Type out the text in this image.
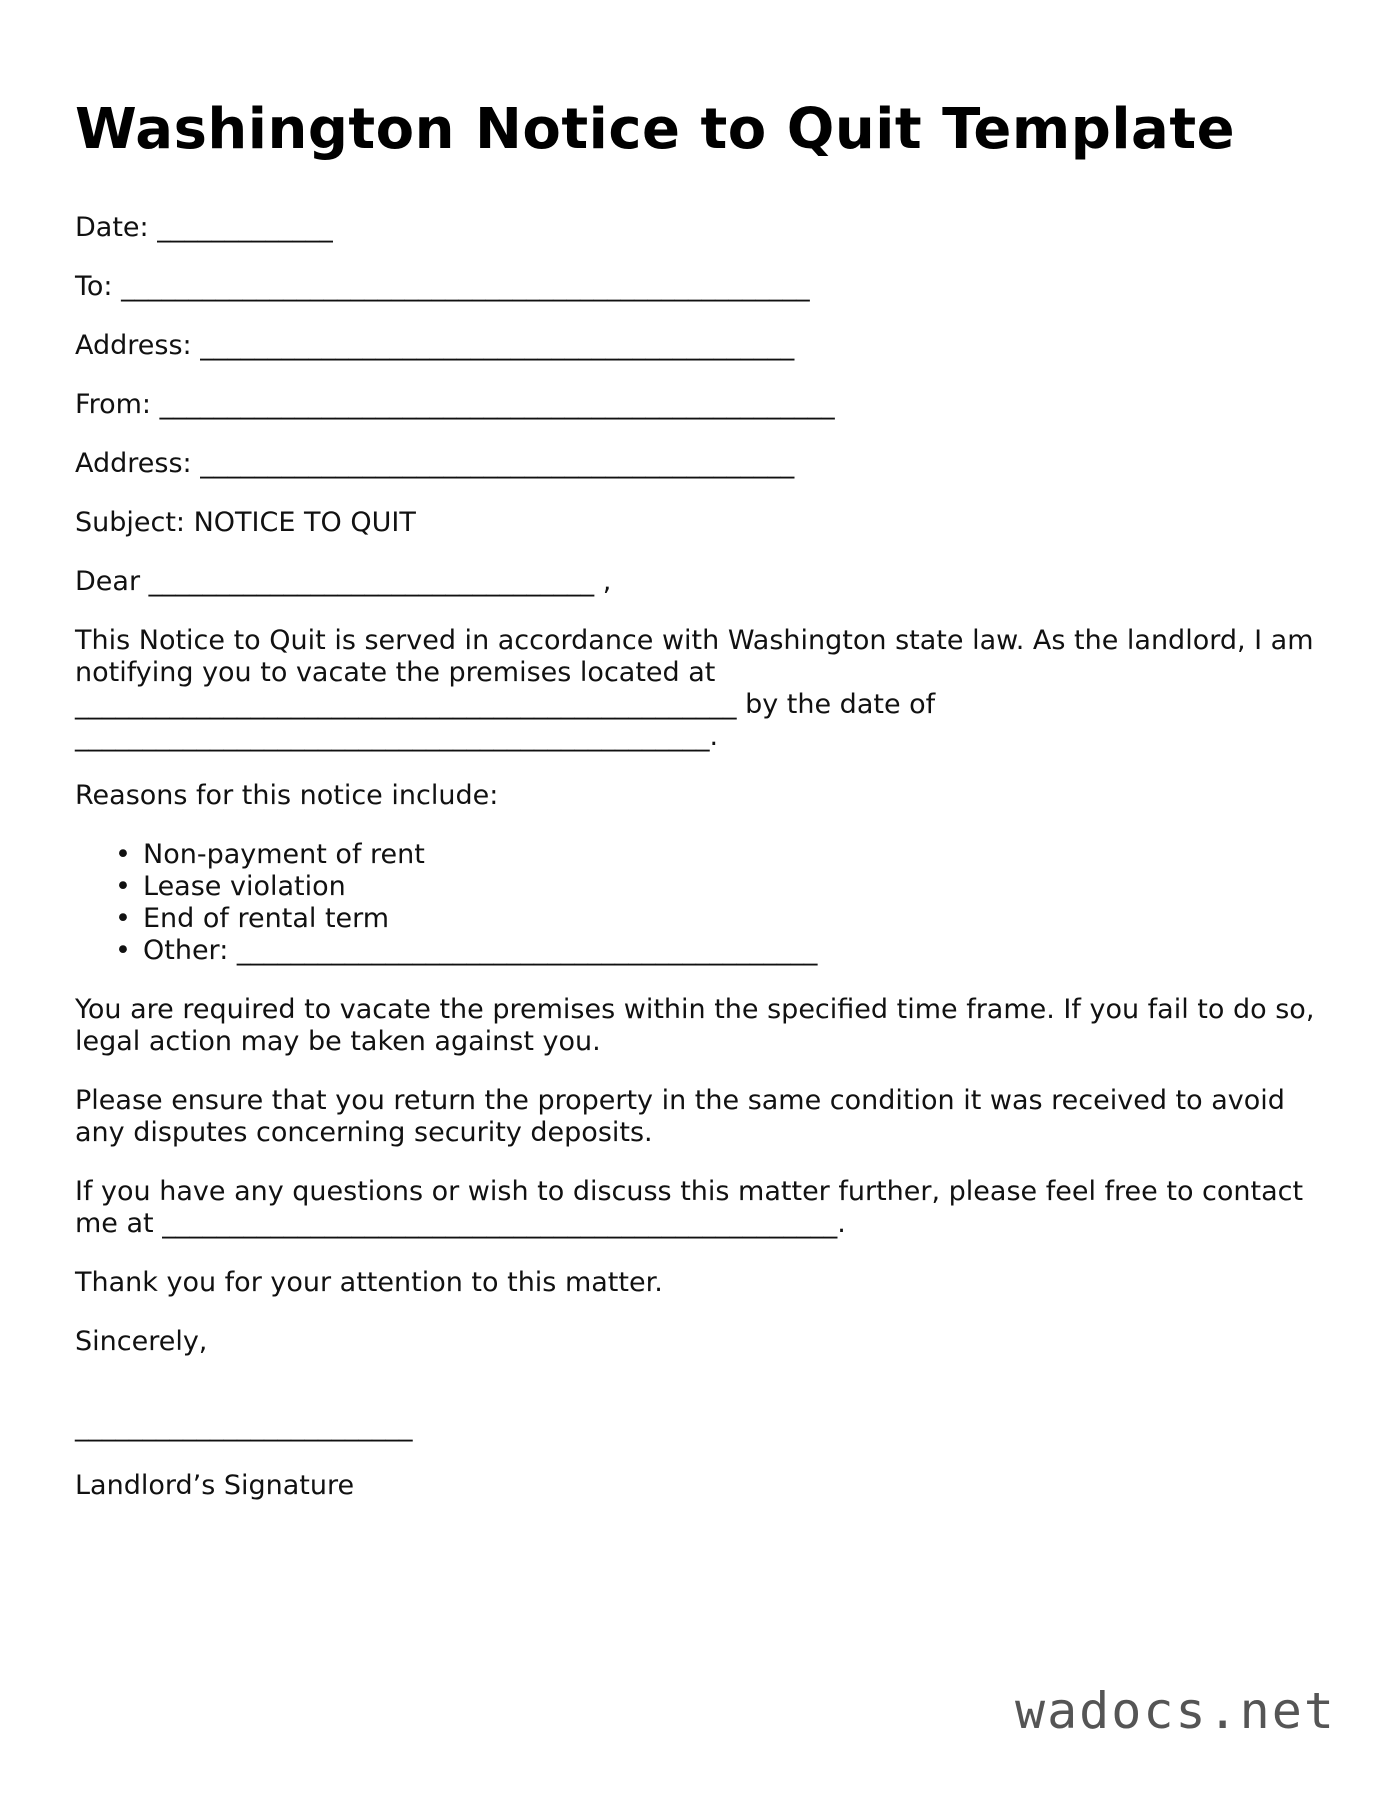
Washington Notice to Quit Template
Date: _____________
To: ___________________________________________________
Address: ____________________________________________
From: __________________________________________________
Address: ____________________________________________
Subject: NOTICE TO QUIT
Dear _________________________________ ,

This Notice to Quit is served in accordance with Washington state law. As the landlord, I am notifying you to vacate the premises located at _________________________________________________ by the date of _______________________________________________.

Reasons for this notice include:

• Non-payment of rent
• Lease violation
• End of rental term
• Other: ___________________________________________

You are required to vacate the premises within the specified time frame. If you fail to do so, legal action may be taken against you.

Please ensure that you return the property in the same condition it was received to avoid any disputes concerning security deposits.

If you have any questions or wish to discuss this matter further, please feel free to contact me at __________________________________________________.

Thank you for your attention to this matter.

Sincerely,

_________________________
Landlord’s Signature
wadocs.net
